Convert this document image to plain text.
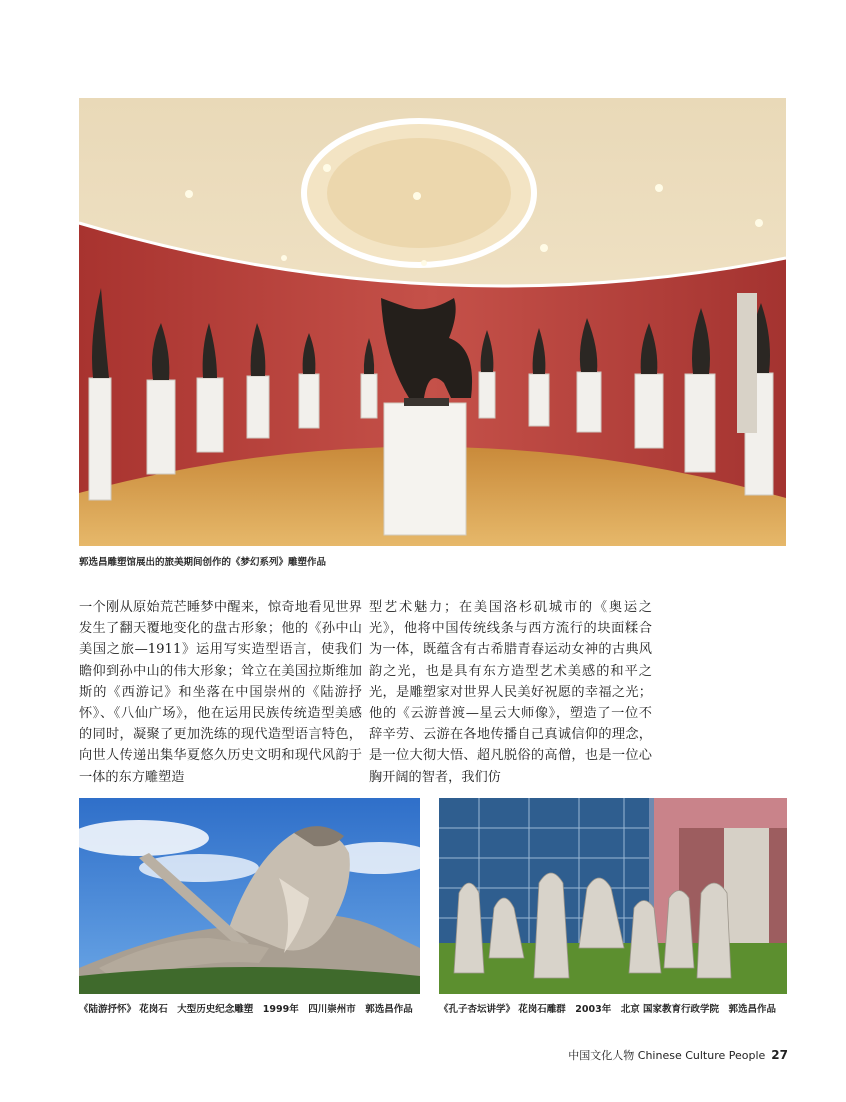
郭选昌雕塑馆展出的旅美期间创作的《梦幻系列》雕塑作品

一个刚从原始荒芒睡梦中醒来，惊奇地看见世界发生了翻天覆地变化的盘古形象；他的《孙中山美国之旅—1911》运用写实造型语言，使我们瞻仰到孙中山的伟大形象；耸立在美国拉斯维加斯的《西游记》和坐落在中国崇州的《陆游抒怀》、《八仙广场》，他在运用民族传统造型美感的同时，凝聚了更加洗练的现代造型语言特色，向世人传递出集华夏悠久历史文明和现代风韵于一体的东方雕塑造

型艺术魅力；在美国洛杉矶城市的《奥运之光》，他将中国传统线条与西方流行的块面糅合为一体，既蕴含有古希腊青春运动女神的古典风韵之光，也是具有东方造型艺术美感的和平之光，是雕塑家对世界人民美好祝愿的幸福之光；他的《云游普渡—星云大师像》，塑造了一位不辞辛劳、云游在各地传播自己真诚信仰的理念，是一位大彻大悟、超凡脱俗的高僧，也是一位心胸开阔的智者，我们仿

《陆游抒怀》 花岗石　大型历史纪念雕塑　1999年　四川崇州市　郭选昌作品	《孔子杏坛讲学》 花岗石雕群　2003年　北京 国家教育行政学院　郭选昌作品
中国文化人物 Chinese Culture People 27
